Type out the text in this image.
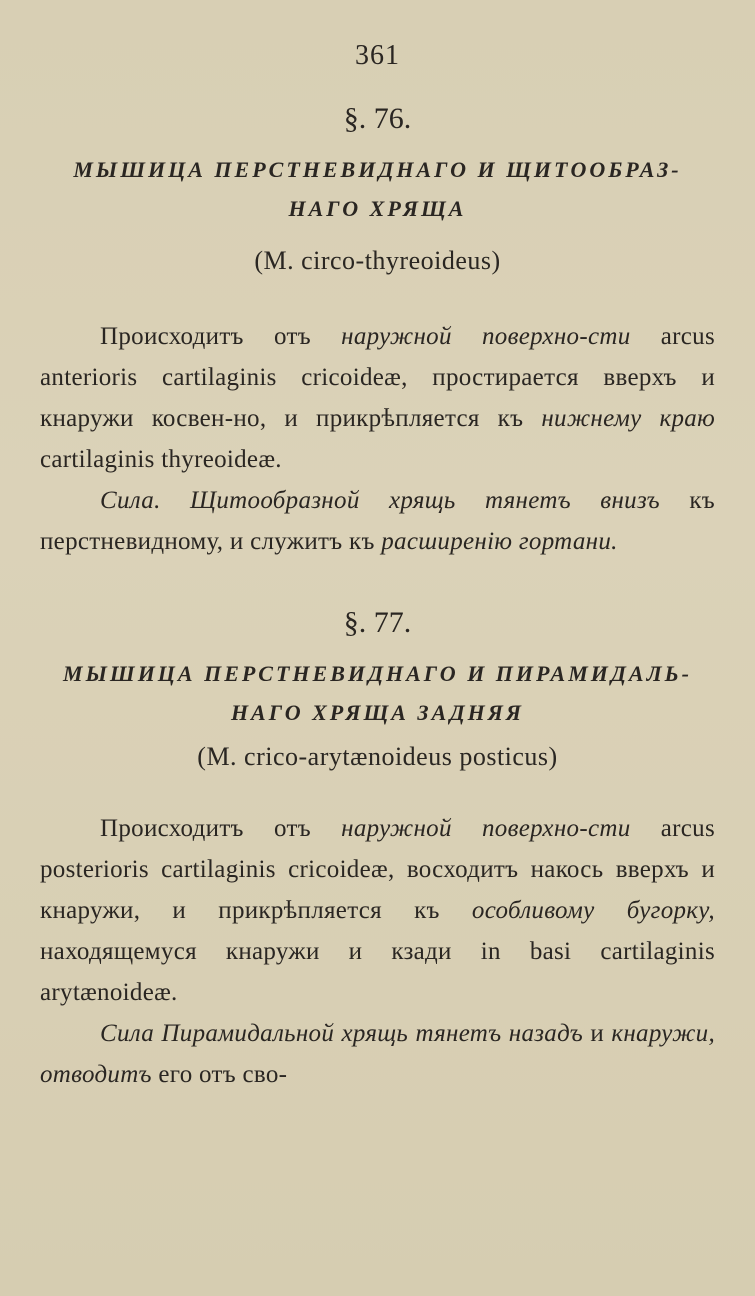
361
§. 76.

МЫШИЦА ПЕРСТНЕВИДНАГО И ЩИТООБРАЗ-
НАГО ХРЯЩА

(M. circo-thyreoideus)

Происходитъ отъ наружной поверхно-сти arcus anterioris cartilaginis cricoideæ, простирается вверхъ и кнаружи косвен-но, и прикрѣпляется къ нижнему краю cartilaginis thyreoideæ.

Сила. Щитообразной хрящь тянетъ внизъ къ перстневидному, и служитъ къ расширенію гортани.

§. 77.

МЫШИЦА ПЕРСТНЕВИДНАГО И ПИРАМИДАЛЬ-
НАГО ХРЯЩА ЗАДНЯЯ

(M. crico-arytænoideus posticus)

Происходитъ отъ наружной поверхно-сти arcus posterioris cartilaginis cricoideæ, восходитъ накось вверхъ и кнаружи, и прикрѣпляется къ особливому бугорку, находящемуся кнаружи и кзади in basi cartilaginis arytænoideæ.

Сила Пирамидальной хрящь тянетъ назадъ и кнаружи, отводитъ его отъ сво-
